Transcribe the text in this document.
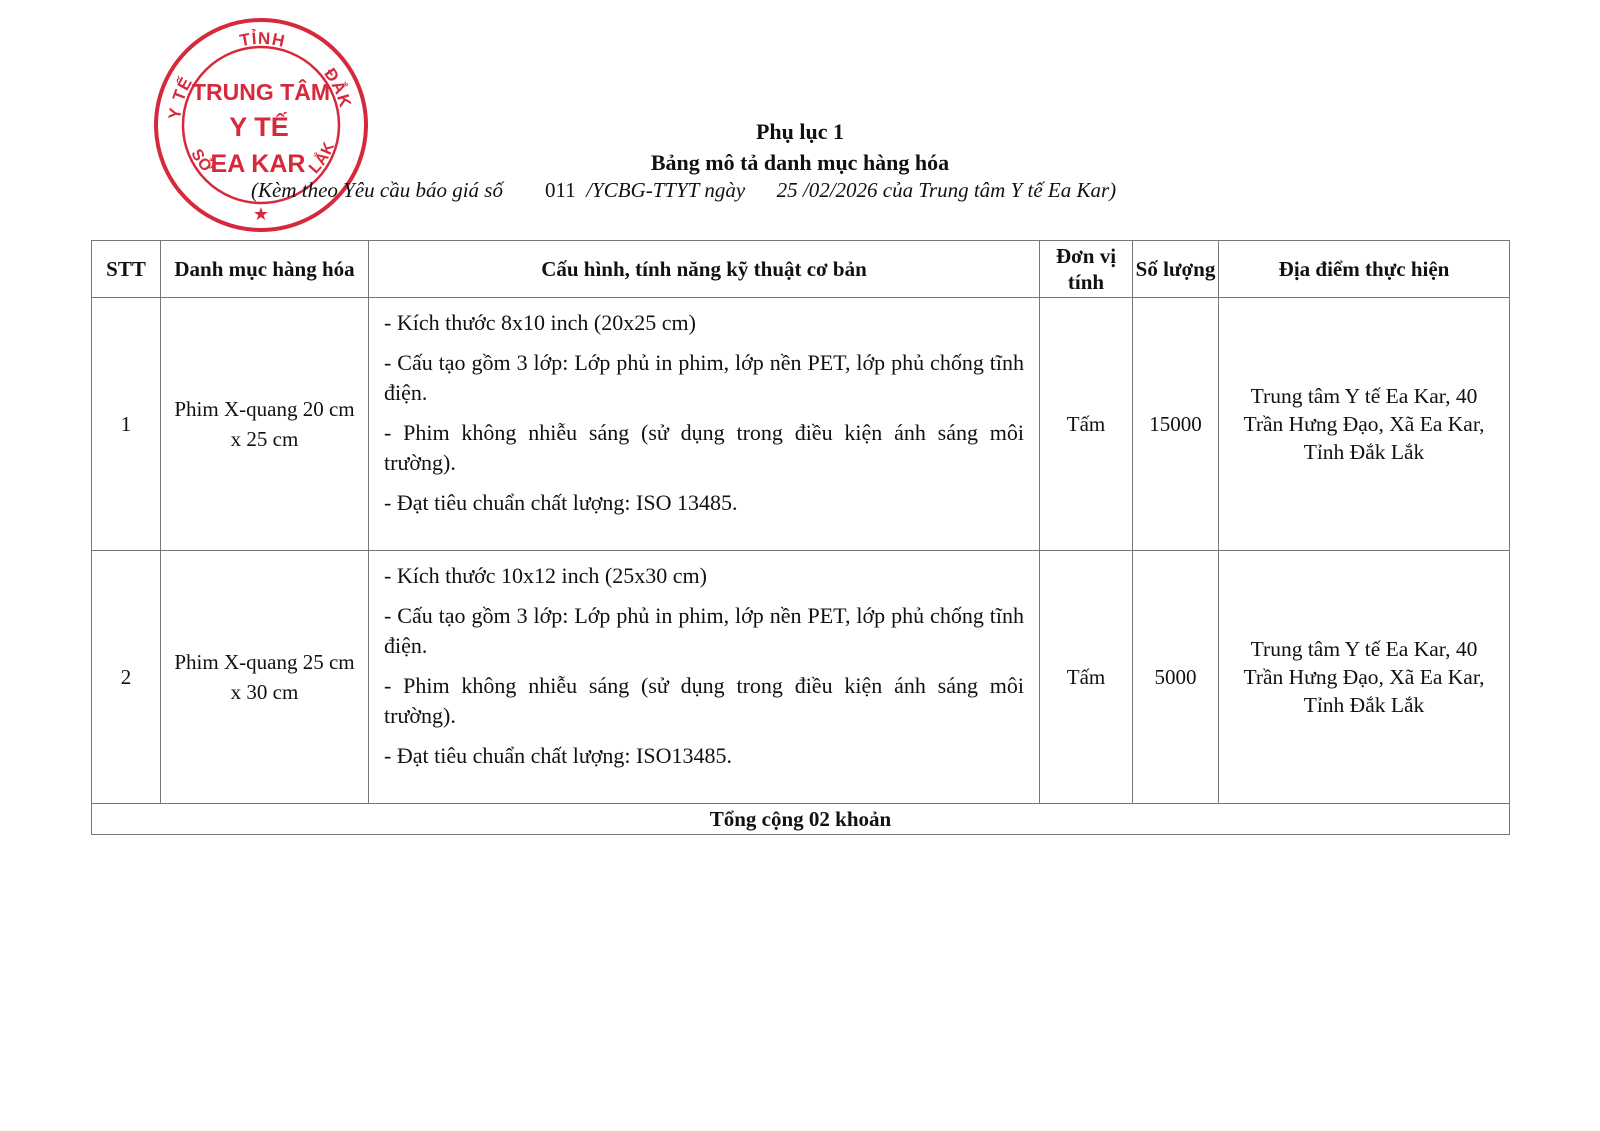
Y TẾ
TỈNH
ĐẮK
SỞ	LẮK
TRUNG TÂM
Y TẾ
EA KAR
★
Phụ lục 1
Bảng mô tả danh mục hàng hóa
(Kèm theo Yêu cầu báo giá số 011 /YCBG-TTYT ngày 25 /02/2026 của Trung tâm Y tế Ea Kar)
STT	Danh mục hàng hóa	Cấu hình, tính năng kỹ thuật cơ bản	Đơn vị tính	Số lượng	Địa điểm thực hiện
1	Phim X-quang 20 cm x 25 cm	- Kích thước 8x10 inch (20x25 cm)

- Cấu tạo gồm 3 lớp: Lớp phủ in phim, lớp nền PET, lớp phủ chống tĩnh điện.

- Phim không nhiễu sáng (sử dụng trong điều kiện ánh sáng môi trường).

- Đạt tiêu chuẩn chất lượng: ISO 13485.	Tấm	15000	Trung tâm Y tế Ea Kar, 40 Trần Hưng Đạo, Xã Ea Kar, Tỉnh Đắk Lắk
2	Phim X-quang 25 cm x 30 cm	- Kích thước 10x12 inch (25x30 cm)

- Cấu tạo gồm 3 lớp: Lớp phủ in phim, lớp nền PET, lớp phủ chống tĩnh điện.

- Phim không nhiễu sáng (sử dụng trong điều kiện ánh sáng môi trường).

- Đạt tiêu chuẩn chất lượng: ISO13485.	Tấm	5000	Trung tâm Y tế Ea Kar, 40 Trần Hưng Đạo, Xã Ea Kar, Tỉnh Đắk Lắk
Tổng cộng 02 khoản					
